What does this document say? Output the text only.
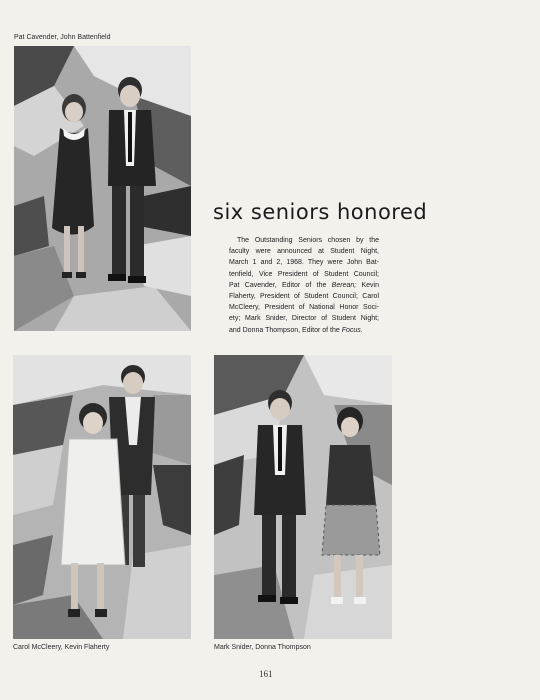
Pat Cavender, John Battenfield
six seniors honored
The Outstanding Seniors chosen by the
faculty were announced at Student Night,
March 1 and 2, 1968. They were John Bat-
tenfield, Vice President of Student Council;
Pat Cavender, Editor of the Berean; Kevin
Flaherty, President of Student Council; Carol
McCleery, President of National Honor Soci-
ety; Mark Snider, Director of Student Night;
and Donna Thompson, Editor of the Focus.
Carol McCleery, Kevin Flaherty	Mark Snider, Donna Thompson
161
